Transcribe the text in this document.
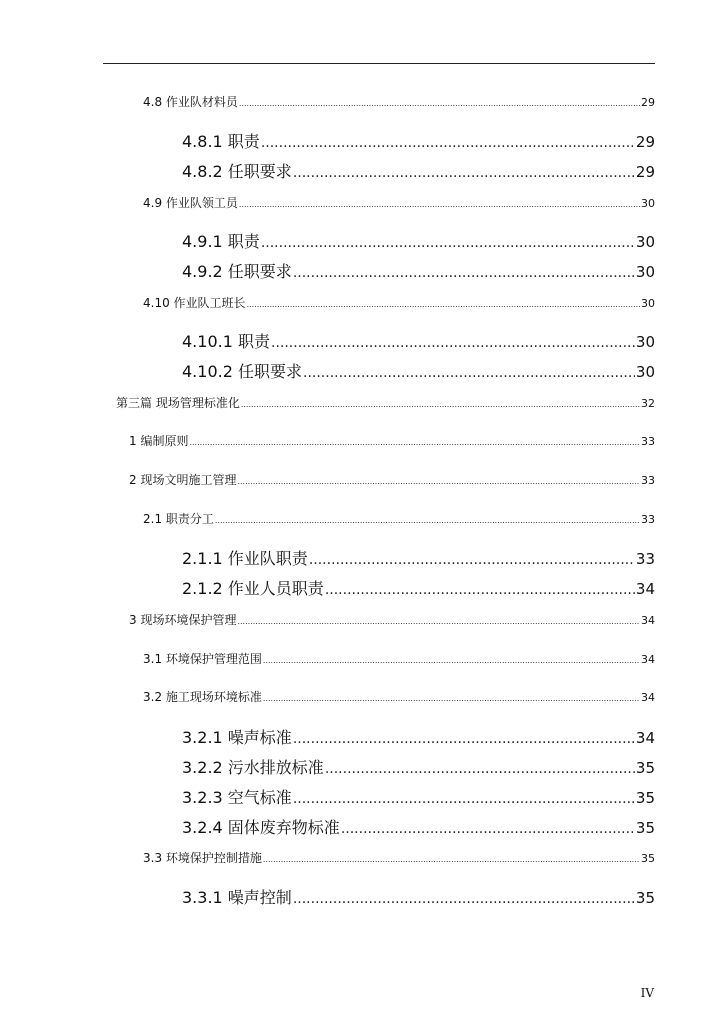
4.8 作业队材料员 .....	29
4.8.1 职责 .....	29
4.8.2 任职要求 .....	29
4.9 作业队领工员 .....	30
4.9.1 职责 .....	30
4.9.2 任职要求 .....	30
4.10 作业队工班长 .....	30
4.10.1 职责 .....	30
4.10.2 任职要求 .....	30
第三篇 现场管理标准化 .....	32
1 编制原则 .....	33
2 现场文明施工管理 .....	33
2.1 职责分工 .....	33
2.1.1 作业队职责 .....	33
2.1.2 作业人员职责 .....	34
3 现场环境保护管理 .....	34
3.1 环境保护管理范围 .....	34
3.2 施工现场环境标准 .....	34
3.2.1 噪声标准 .....	34
3.2.2 污水排放标准 .....	35
3.2.3 空气标准 .....	35
3.2.4 固体废弃物标准 .....	35
3.3 环境保护控制措施 .....	35
3.3.1 噪声控制 .....	35
IV
